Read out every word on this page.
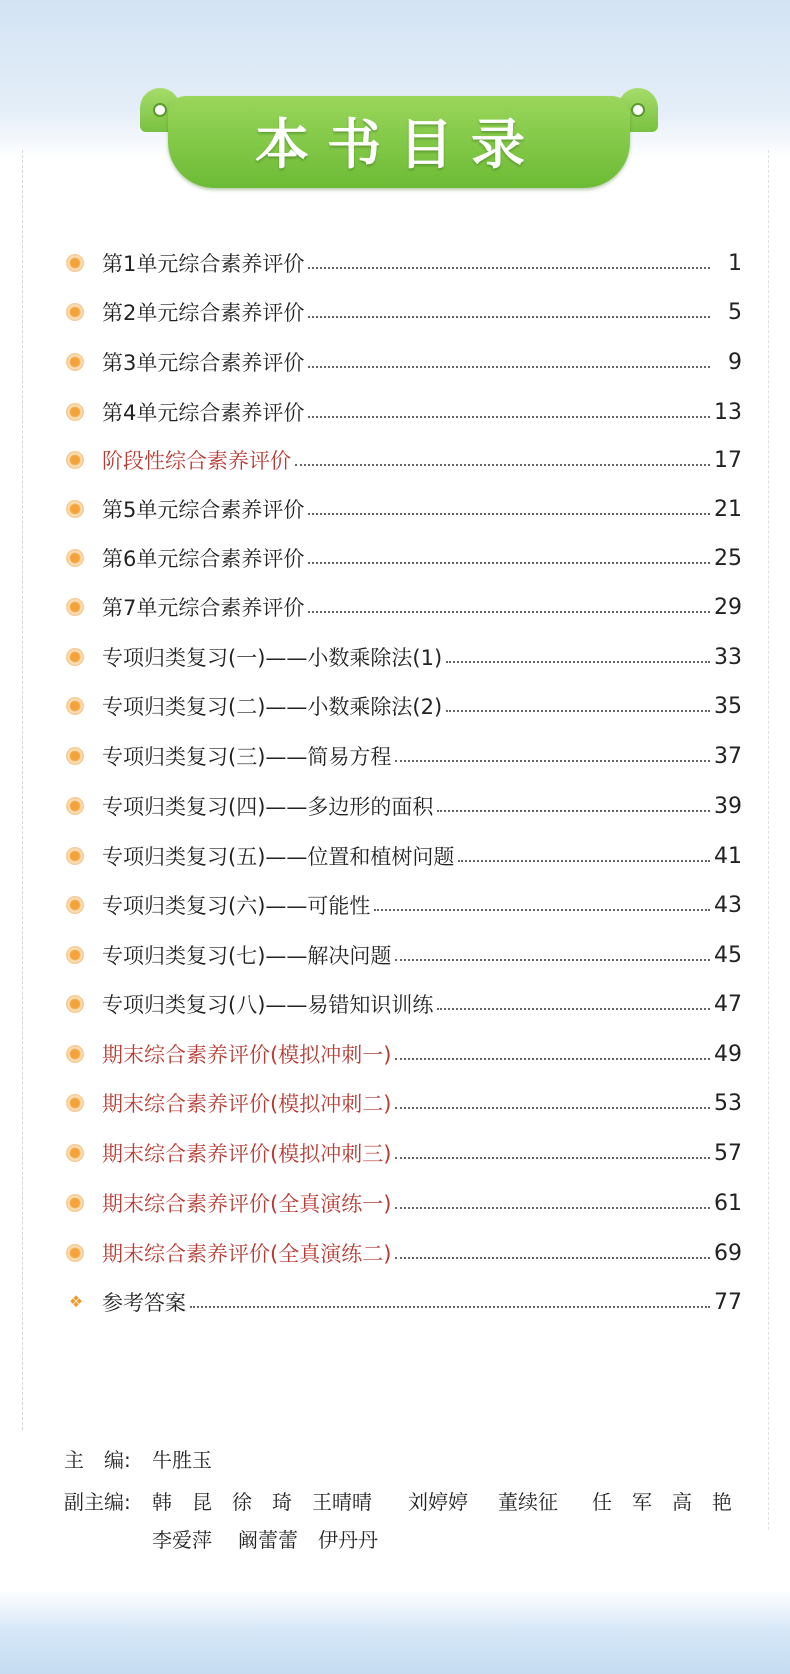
本书目录
第1单元综合素养评价	1
第2单元综合素养评价	5
第3单元综合素养评价	9
第4单元综合素养评价	13
阶段性综合素养评价	17
第5单元综合素养评价	21
第6单元综合素养评价	25
第7单元综合素养评价	29
专项归类复习(一)——小数乘除法(1)	33
专项归类复习(二)——小数乘除法(2)	35
专项归类复习(三)——简易方程	37
专项归类复习(四)——多边形的面积	39
专项归类复习(五)——位置和植树问题	41
专项归类复习(六)——可能性	43
专项归类复习(七)——解决问题	45
专项归类复习(八)——易错知识训练	47
期末综合素养评价(模拟冲刺一)	49
期末综合素养评价(模拟冲刺二)	53
期末综合素养评价(模拟冲刺三)	57
期末综合素养评价(全真演练一)	61
期末综合素养评价(全真演练二)	69
❖ 参考答案	77
主　编: 牛胜玉
副主编: 韩　昆 徐　琦 王晴晴 刘婷婷 董续征 任　军 高　艳
李爱萍 阚蕾蕾 伊丹丹
